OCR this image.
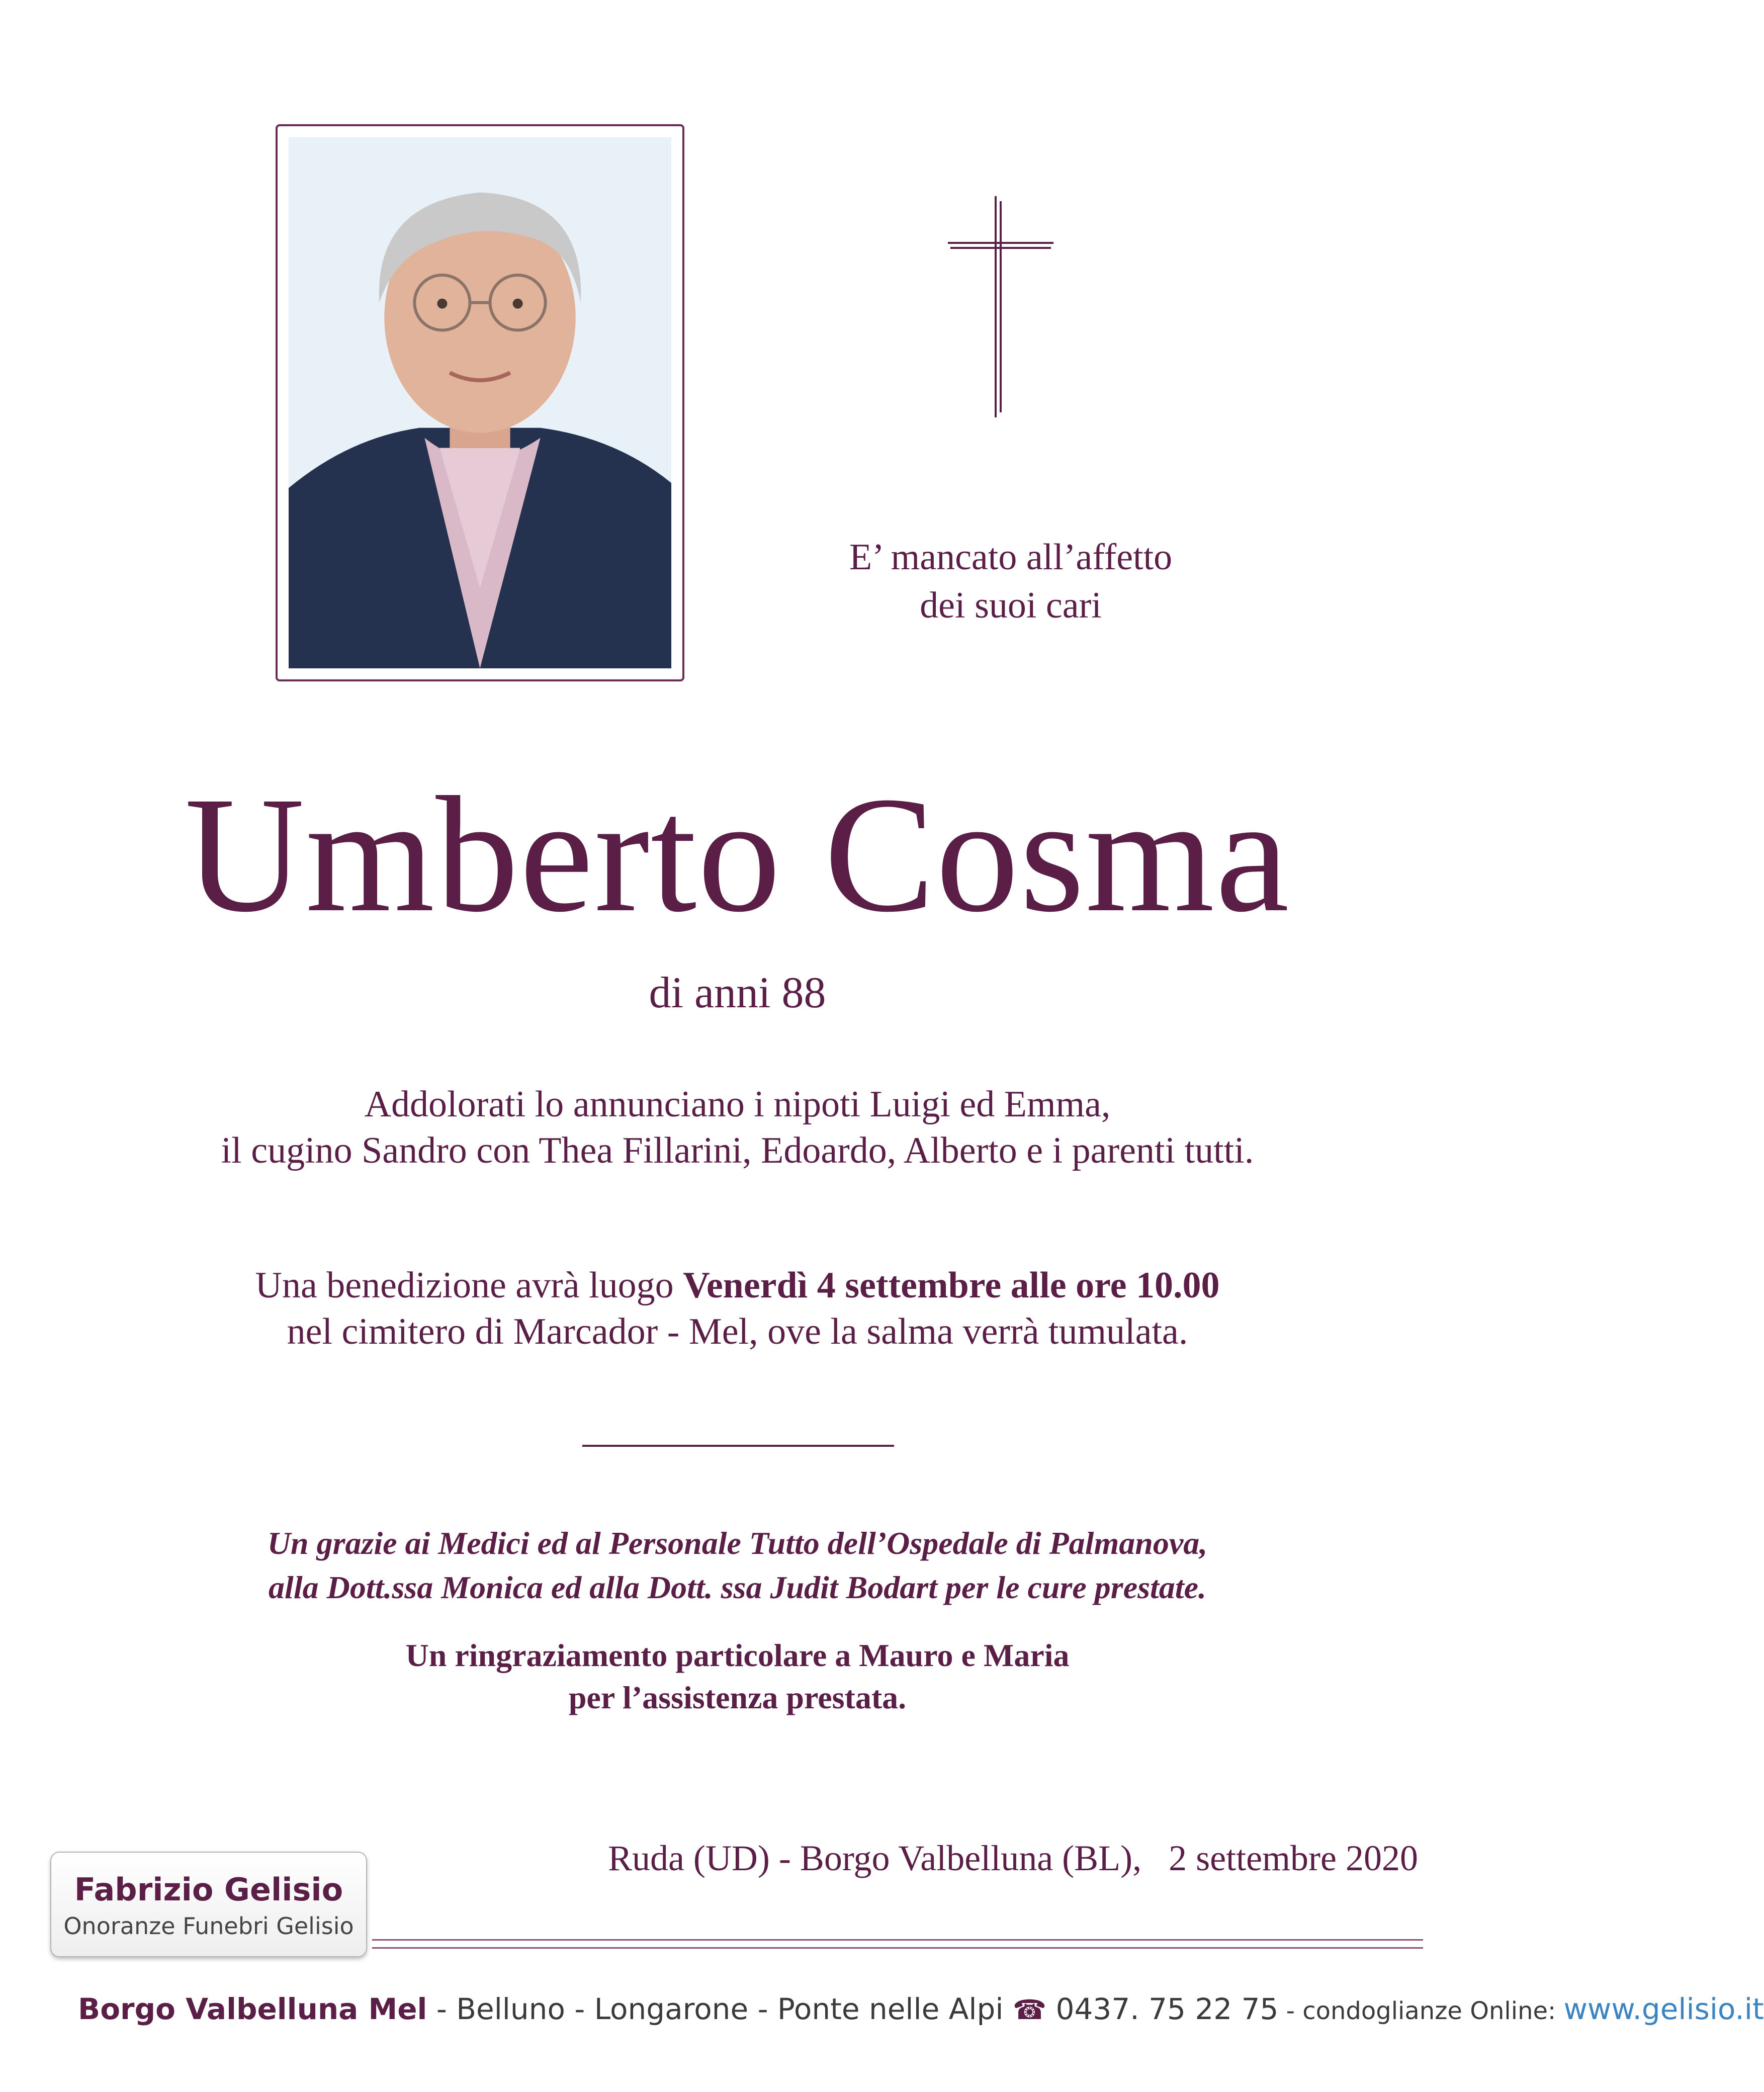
E’ mancato all’affetto
dei suoi cari
Umberto Cosma
di anni 88
Addolorati lo annunciano i nipoti Luigi ed Emma,
il cugino Sandro con Thea Fillarini, Edoardo, Alberto e i parenti tutti.
Una benedizione avrà luogo Venerdì 4 settembre alle ore 10.00
nel cimitero di Marcador - Mel, ove la salma verrà tumulata.
Un grazie ai Medici ed al Personale Tutto dell’Ospedale di Palmanova,
alla Dott.ssa Monica ed alla Dott. ssa Judit Bodart per le cure prestate.
Un ringraziamento particolare a Mauro e Maria
per l’assistenza prestata.
Ruda (UD) - Borgo Valbelluna (BL),   2 settembre 2020
Fabrizio Gelisio
Onoranze Funebri Gelisio
Borgo Valbelluna Mel - Belluno - Longarone - Ponte nelle Alpi ☎ 0437. 75 22 75 - condoglianze Online: www.gelisio.it
